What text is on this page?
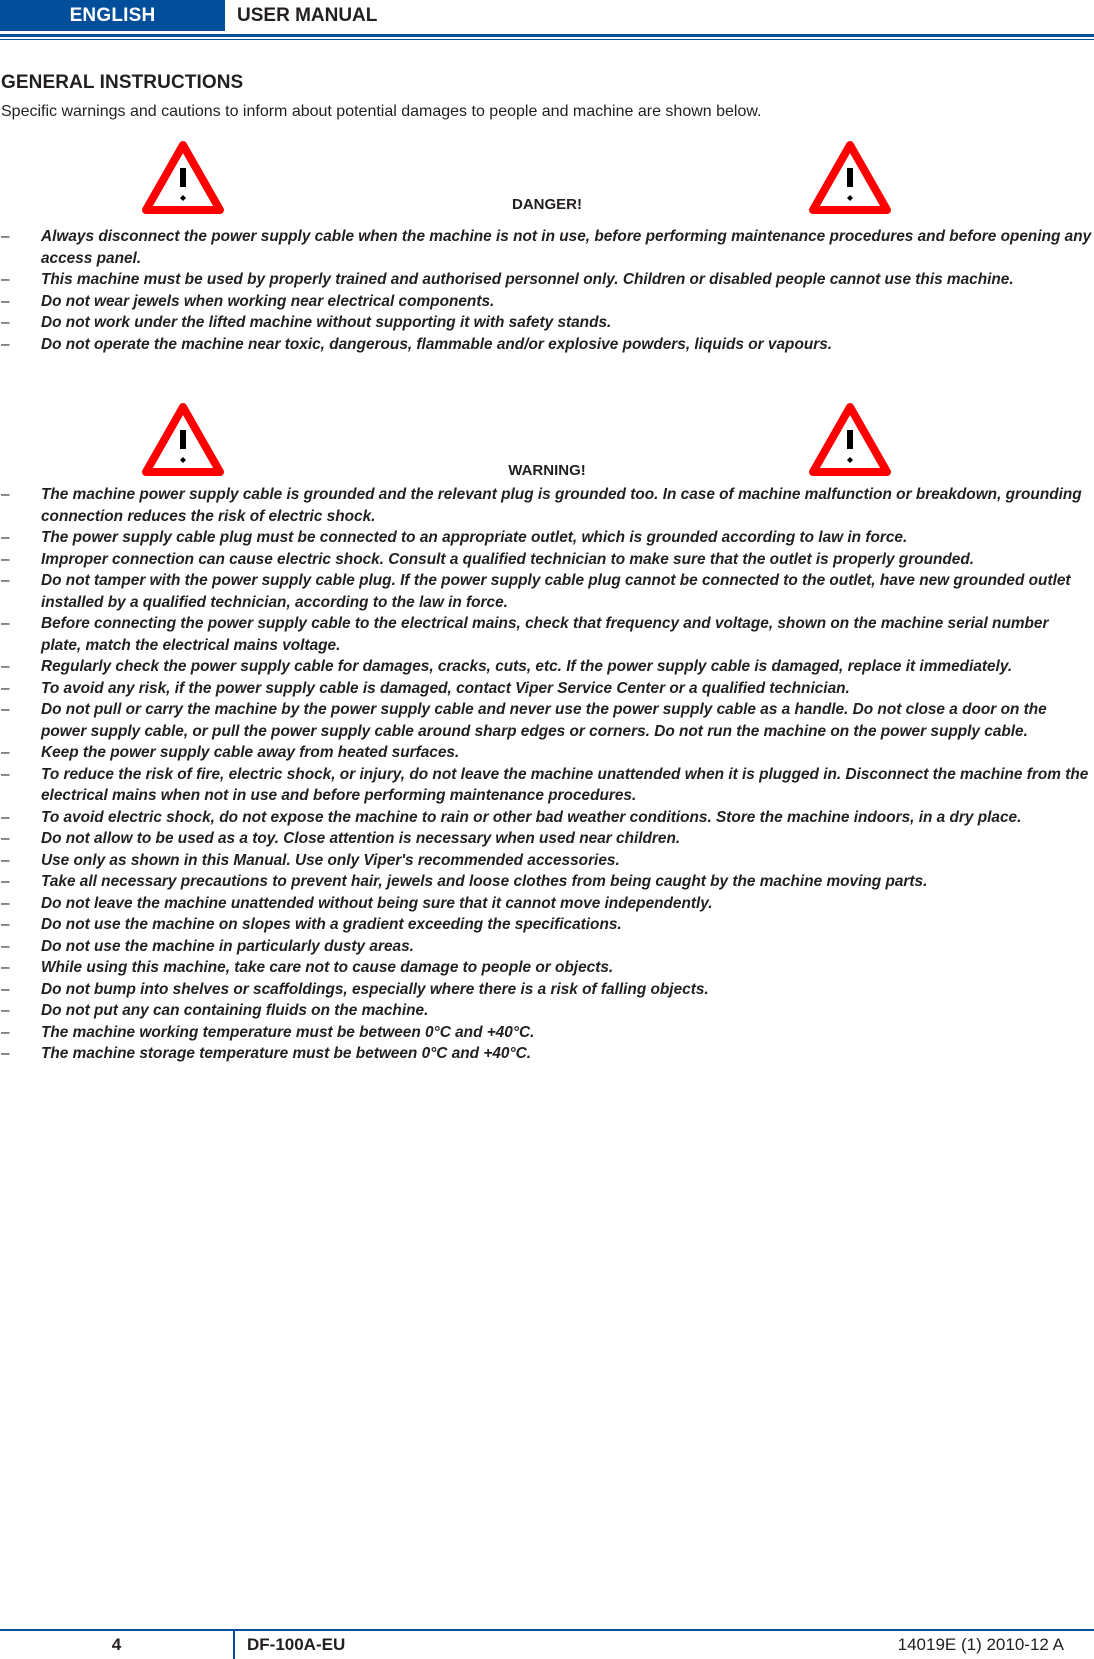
ENGLISH	USER MANUAL
GENERAL INSTRUCTIONS
Specific warnings and cautions to inform about potential damages to people and machine are shown below.
DANGER!
– Always disconnect the power supply cable when the machine is not in use, before performing maintenance procedures and before opening any access panel.
– This machine must be used by properly trained and authorised personnel only. Children or disabled people cannot use this machine.
– Do not wear jewels when working near electrical components.
– Do not work under the lifted machine without supporting it with safety stands.
– Do not operate the machine near toxic, dangerous, flammable and/or explosive powders, liquids or vapours.
WARNING!
– The machine power supply cable is grounded and the relevant plug is grounded too. In case of machine malfunction or breakdown, grounding connection reduces the risk of electric shock.
– The power supply cable plug must be connected to an appropriate outlet, which is grounded according to law in force.
– Improper connection can cause electric shock. Consult a qualified technician to make sure that the outlet is properly grounded.
– Do not tamper with the power supply cable plug. If the power supply cable plug cannot be connected to the outlet, have new grounded outlet installed by a qualified technician, according to the law in force.
– Before connecting the power supply cable to the electrical mains, check that frequency and voltage, shown on the machine serial number plate, match the electrical mains voltage.
– Regularly check the power supply cable for damages, cracks, cuts, etc. If the power supply cable is damaged, replace it immediately.
– To avoid any risk, if the power supply cable is damaged, contact Viper Service Center or a qualified technician.
– Do not pull or carry the machine by the power supply cable and never use the power supply cable as a handle. Do not close a door on the power supply cable, or pull the power supply cable around sharp edges or corners. Do not run the machine on the power supply cable.
– Keep the power supply cable away from heated surfaces.
– To reduce the risk of fire, electric shock, or injury, do not leave the machine unattended when it is plugged in. Disconnect the machine from the electrical mains when not in use and before performing maintenance procedures.
– To avoid electric shock, do not expose the machine to rain or other bad weather conditions. Store the machine indoors, in a dry place.
– Do not allow to be used as a toy. Close attention is necessary when used near children.
– Use only as shown in this Manual. Use only Viper's recommended accessories.
– Take all necessary precautions to prevent hair, jewels and loose clothes from being caught by the machine moving parts.
– Do not leave the machine unattended without being sure that it cannot move independently.
– Do not use the machine on slopes with a gradient exceeding the specifications.
– Do not use the machine in particularly dusty areas.
– While using this machine, take care not to cause damage to people or objects.
– Do not bump into shelves or scaffoldings, especially where there is a risk of falling objects.
– Do not put any can containing fluids on the machine.
– The machine working temperature must be between 0°C and +40°C.
– The machine storage temperature must be between 0°C and +40°C.
4	DF-100A-EU	14019E (1) 2010-12 A
